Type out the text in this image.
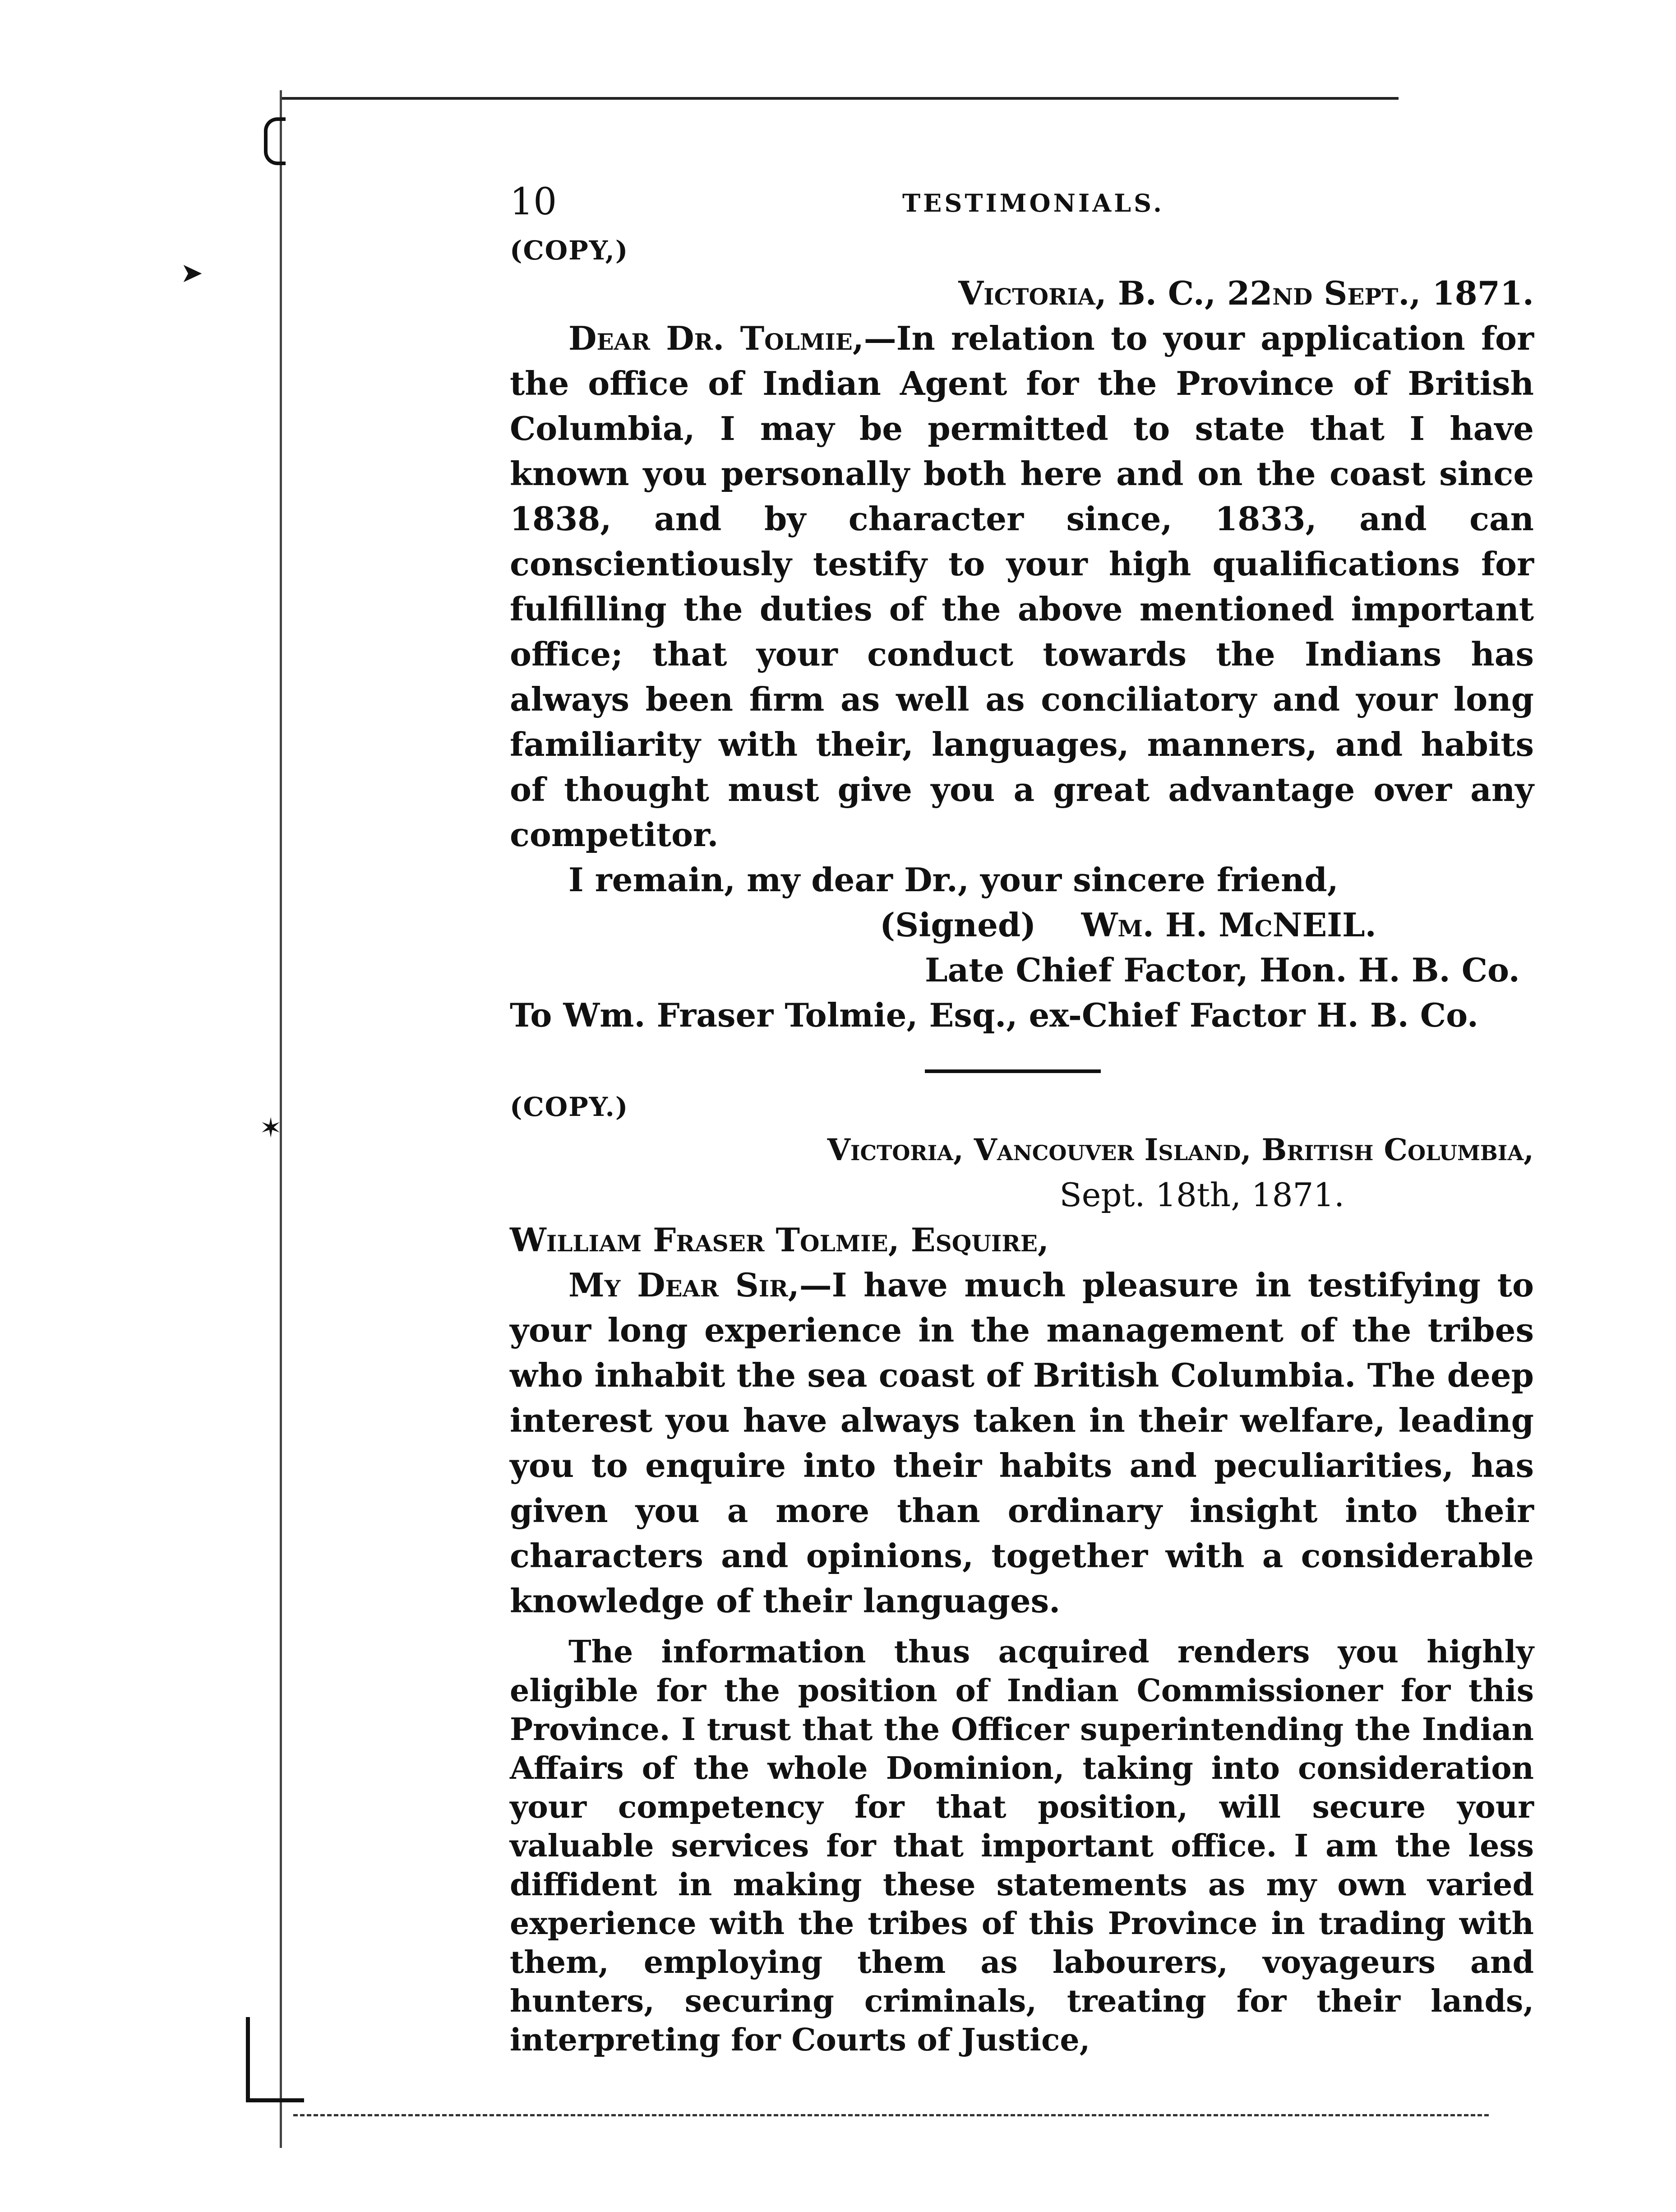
➤
✶
10	TESTIMONIALS.

(COPY,)

Victoria, B. C., 22nd Sept., 1871.

Dear Dr. Tolmie,—In relation to your application for the office of Indian Agent for the Province of British Columbia, I may be permitted to state that I have known you personally both here and on the coast since 1838, and by character since, 1833, and can conscientiously testify to your high qualifications for fulfilling the duties of the above mentioned important office; that your conduct towards the Indians has always been firm as well as conciliatory and your long familiarity with their, languages, manners, and habits of thought must give you a great advantage over any competitor.

I remain, my dear Dr., your sincere friend,

(Signed) Wm. H. McNEIL.

Late Chief Factor, Hon. H. B. Co.

To Wm. Fraser Tolmie, Esq., ex-Chief Factor H. B. Co.

(COPY.)

Victoria, Vancouver Island, British Columbia,

Sept. 18th, 1871.

William Fraser Tolmie, Esquire,

My Dear Sir,—I have much pleasure in testifying to your long experience in the management of the tribes who inhabit the sea coast of British Columbia. The deep interest you have always taken in their welfare, leading you to enquire into their habits and peculiarities, has given you a more than ordinary insight into their characters and opinions, together with a considerable knowledge of their languages.

The information thus acquired renders you highly eligible for the position of Indian Commissioner for this Province. I trust that the Officer superintending the Indian Affairs of the whole Dominion, taking into consideration your competency for that position, will secure your valuable services for that important office. I am the less diffident in making these statements as my own varied experience with the tribes of this Province in trading with them, employing them as labourers, voyageurs and hunters, securing criminals, treating for their lands, interpreting for Courts of Justice,
